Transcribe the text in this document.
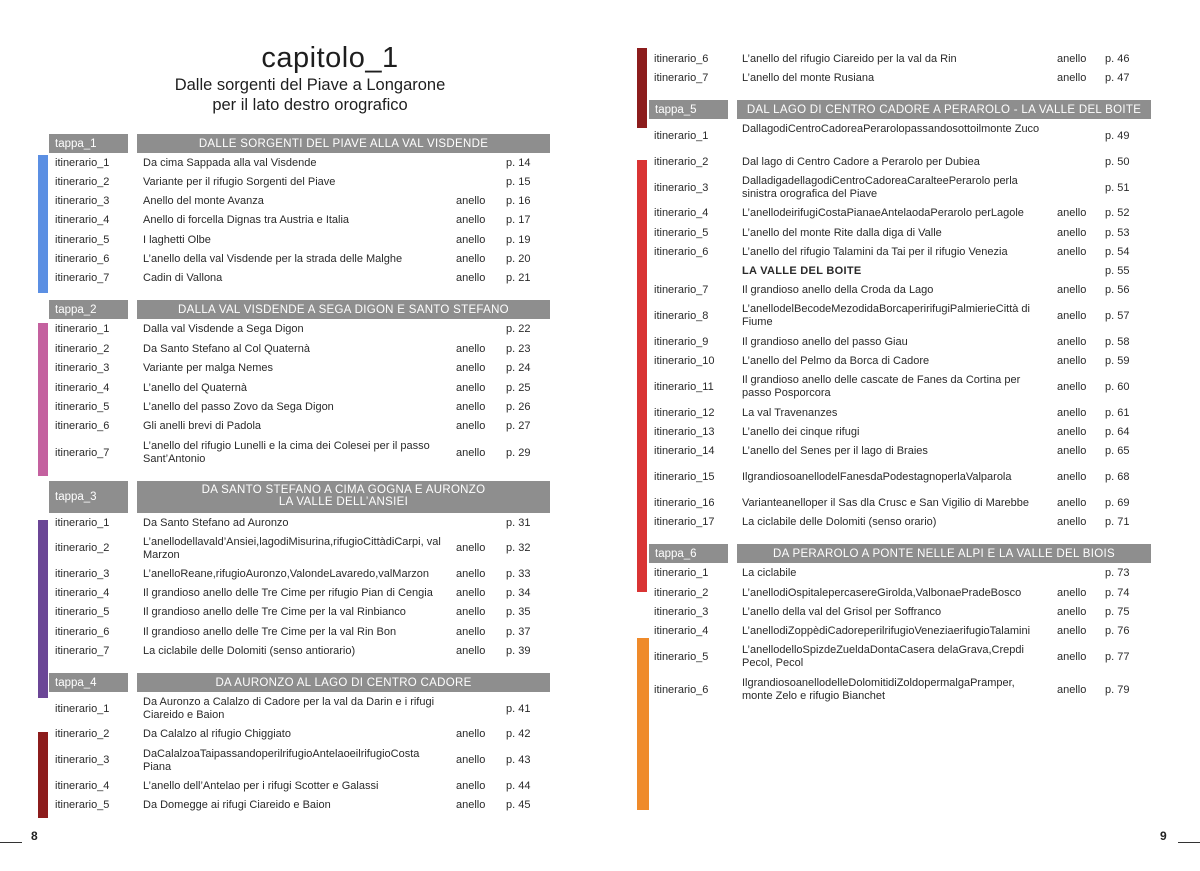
capitolo_1
Dalle sorgenti del Piave a Longarone
per il lato destro orografico
tappa_1	DALLE SORGENTI DEL PIAVE ALLA VAL VISDENDE
itinerario_1	Da cima Sappada alla val Visdende	p. 14
itinerario_2	Variante per il rifugio Sorgenti del Piave	p. 15
itinerario_3	Anello del monte Avanza	anello p. 16
itinerario_4	Anello di forcella Dignas tra Austria e Italia	anello p. 17
itinerario_5	I laghetti Olbe	anello p. 19
itinerario_6	L’anello della val Visdende per la strada delle Malghe	anello p. 20
itinerario_7	Cadin di Vallona	anello p. 21
tappa_2	DALLA VAL VISDENDE A SEGA DIGON E SANTO STEFANO
itinerario_1	Dalla val Visdende a Sega Digon	p. 22
itinerario_2	Da Santo Stefano al Col Quaternà	anello p. 23
itinerario_3	Variante per malga Nemes	anello p. 24
itinerario_4	L’anello del Quaternà	anello p. 25
itinerario_5	L’anello del passo Zovo da Sega Digon	anello p. 26
itinerario_6	Gli anelli brevi di Padola	anello p. 27
itinerario_7
L’anello del rifugio Lunelli e la cima dei Colesei per il passo Sant’Antonio	anello p. 29
tappa_3
DA SANTO STEFANO A CIMA GOGNA E AURONZO
LA VALLE DELL’ANSIEI
itinerario_1	Da Santo Stefano ad Auronzo	p. 31
itinerario_2	L’anellodellavald’Ansiei,lagodiMisurina,rifugioCittàdiCarpi, val Marzon
anello p. 32
itinerario_3	L’anelloReane,rifugioAuronzo,ValondeLavaredo,valMarzon anello p. 33
itinerario_4	Il grandioso anello delle Tre Cime per rifugio Pian di Cengia anello p. 34
itinerario_5	Il grandioso anello delle Tre Cime per la val Rinbianco	anello p. 35
itinerario_6	Il grandioso anello delle Tre Cime per la val Rin Bon	anello p. 37
itinerario_7	La ciclabile delle Dolomiti (senso antiorario)	anello p. 39
tappa_4	DA AURONZO AL LAGO DI CENTRO CADORE
itinerario_1
Da Auronzo a Calalzo di Cadore per la val da Darin e i rifugi Ciareido e Baion	p. 41
itinerario_2	Da Calalzo al rifugio Chiggiato	anello p. 42
itinerario_3	DaCalalzoaTaipassandoperilrifugioAntelaoeilrifugioCosta Piana
anello p. 43
itinerario_4	L’anello dell’Antelao per i rifugi Scotter e Galassi	anello p. 44
itinerario_5	Da Domegge ai rifugi Ciareido e Baion	anello p. 45
8
itinerario_6	L’anello del rifugio Ciareido per la val da Rin	anello p. 46
itinerario_7	L’anello del monte Rusiana	anello p. 47
tappa_5	DAL LAGO DI CENTRO CADORE A PERAROLO - LA VALLE DEL BOITE
itinerario_1
DallagodiCentroCadoreaPerarolopassandosottoilmonte Zuco
p. 49
itinerario_2	Dal lago di Centro Cadore a Perarolo per Dubiea	p. 50
itinerario_3
DalladigadellagodiCentroCadoreaCaralteePerarolo perla sinistra orografica del Piave	p. 51
itinerario_4	L’anellodeirifugiCostaPianaeAntelaodaPerarolo perLagole	anello p. 52
itinerario_5	L’anello del monte Rite dalla diga di Valle	anello p. 53
itinerario_6	L’anello del rifugio Talamini da Tai per il rifugio Venezia	anello p. 54
LA VALLE DEL BOITE	p. 55
itinerario_7	Il grandioso anello della Croda da Lago	anello p. 56
itinerario_8
L’anellodelBecodeMezodidaBorcaperirifugiPalmierieCittà di Fiume	anello p. 57
itinerario_9	Il grandioso anello del passo Giau	anello p. 58
itinerario_10 L’anello del Pelmo da Borca di Cadore	anello p. 59
itinerario_11
Il grandioso anello delle cascate de Fanes da Cortina per passo Posporcora	anello p. 60
itinerario_12 La val Travenanzes	anello p. 61
itinerario_13 L’anello dei cinque rifugi	anello p. 64
itinerario_14 L’anello del Senes per il lago di Braies	anello p. 65
itinerario_15 IlgrandiosoanellodelFanesdaPodestagnoperlaValparola	anello p. 68
itinerario_16 Varianteanelloper il Sas dla Crusc e San Vigilio di Marebbe	anello p. 69
itinerario_17 La ciclabile delle Dolomiti (senso orario)	anello p. 71
tappa_6	DA PERAROLO A PONTE NELLE ALPI E LA VALLE DEL BIOIS
itinerario_1	La ciclabile	p. 73
itinerario_2	L’anellodiOspitalepercasereGirolda,ValbonaePradeBosco	anello p. 74
itinerario_3	L’anello della val del Grisol per Soffranco	anello p. 75
itinerario_4	L’anellodiZoppèdiCadoreperilrifugioVeneziaerifugioTalamini anello p. 76
itinerario_5
L’anellodelloSpizdeZueldaDontaCasera delaGrava,Crepdi Pecol, Pecol	anello p. 77
itinerario_6
IlgrandiosoanellodelleDolomitidiZoldopermalgaPramper, monte Zelo e rifugio Bianchet	anello p. 79
9
